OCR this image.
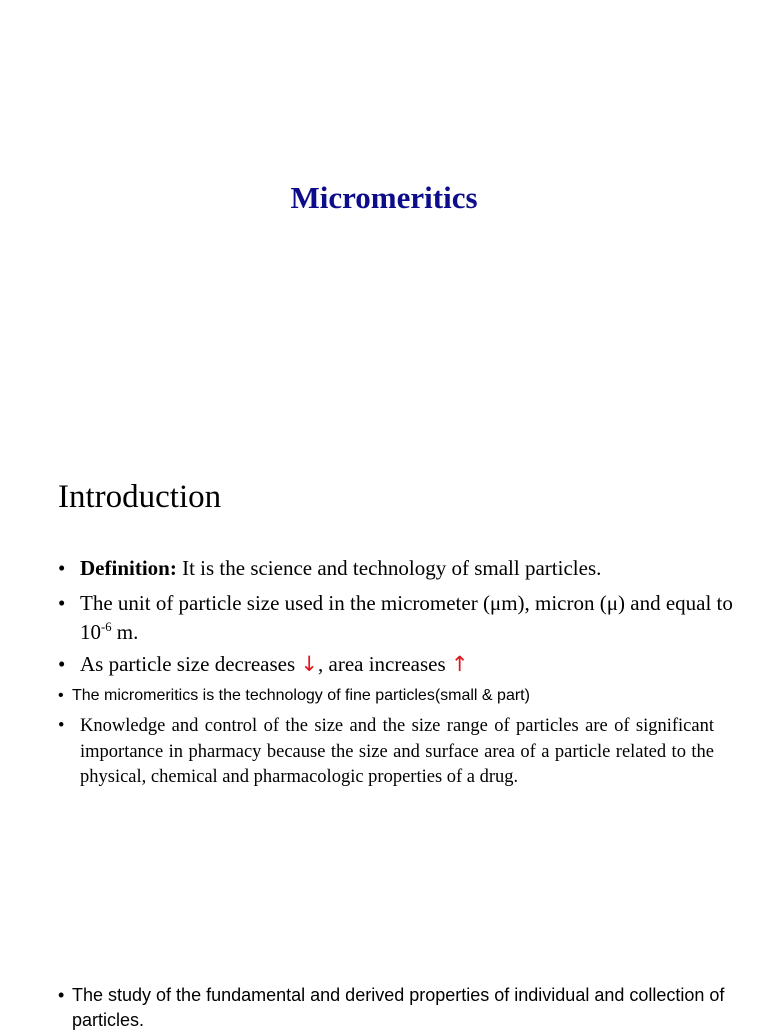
Micromeritics
Introduction
• Definition: It is the science and technology of small particles.
• The unit of particle size used in the micrometer (μm), micron (μ) and equal to $10^{-6}$ m.
• As particle size decreases ↓, area increases ↑
• The micromeritics is the technology of fine particles(small & part)
• Knowledge and control of the size and the size range of particles are of significant importance in pharmacy because the size and surface area of a particle related to the physical, chemical and pharmacologic properties of a drug.
• The study of the fundamental and derived properties of individual and collection of particles.
